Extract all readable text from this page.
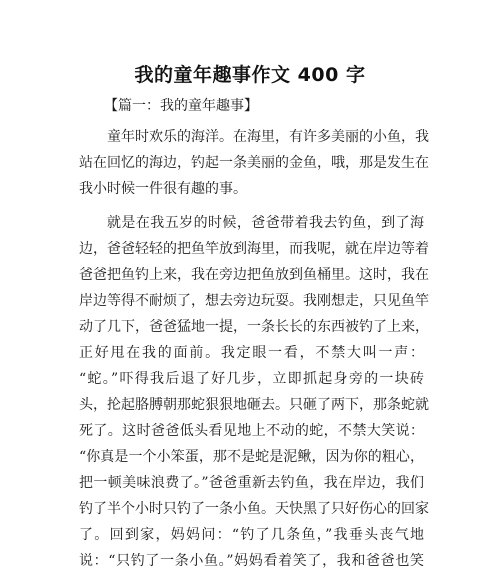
我的童年趣事作文 400 字
【篇一：我的童年趣事】
童年时欢乐的海洋。在海里，有许多美丽的小鱼，我
站在回忆的海边，钓起一条美丽的金鱼，哦，那是发生在
我小时候一件很有趣的事。
就是在我五岁的时候，爸爸带着我去钓鱼，到了海
边，爸爸轻轻的把鱼竿放到海里，而我呢，就在岸边等着
爸爸把鱼钓上来，我在旁边把鱼放到鱼桶里。这时，我在
岸边等得不耐烦了，想去旁边玩耍。我刚想走，只见鱼竿
动了几下，爸爸猛地一提，一条长长的东西被钓了上来，
正好甩在我的面前。我定眼一看，不禁大叫一声：
“蛇。”吓得我后退了好几步，立即抓起身旁的一块砖
头，抡起胳膊朝那蛇狠狠地砸去。只砸了两下，那条蛇就
死了。这时爸爸低头看见地上不动的蛇，不禁大笑说：
“你真是一个小笨蛋，那不是蛇是泥鳅，因为你的粗心，
把一顿美味浪费了。”爸爸重新去钓鱼，我在岸边，我们
钓了半个小时只钓了一条小鱼。天快黑了只好伤心的回家
了。回到家，妈妈问：“钓了几条鱼，”我垂头丧气地
说：“只钓了一条小鱼。”妈妈看着笑了，我和爸爸也笑
